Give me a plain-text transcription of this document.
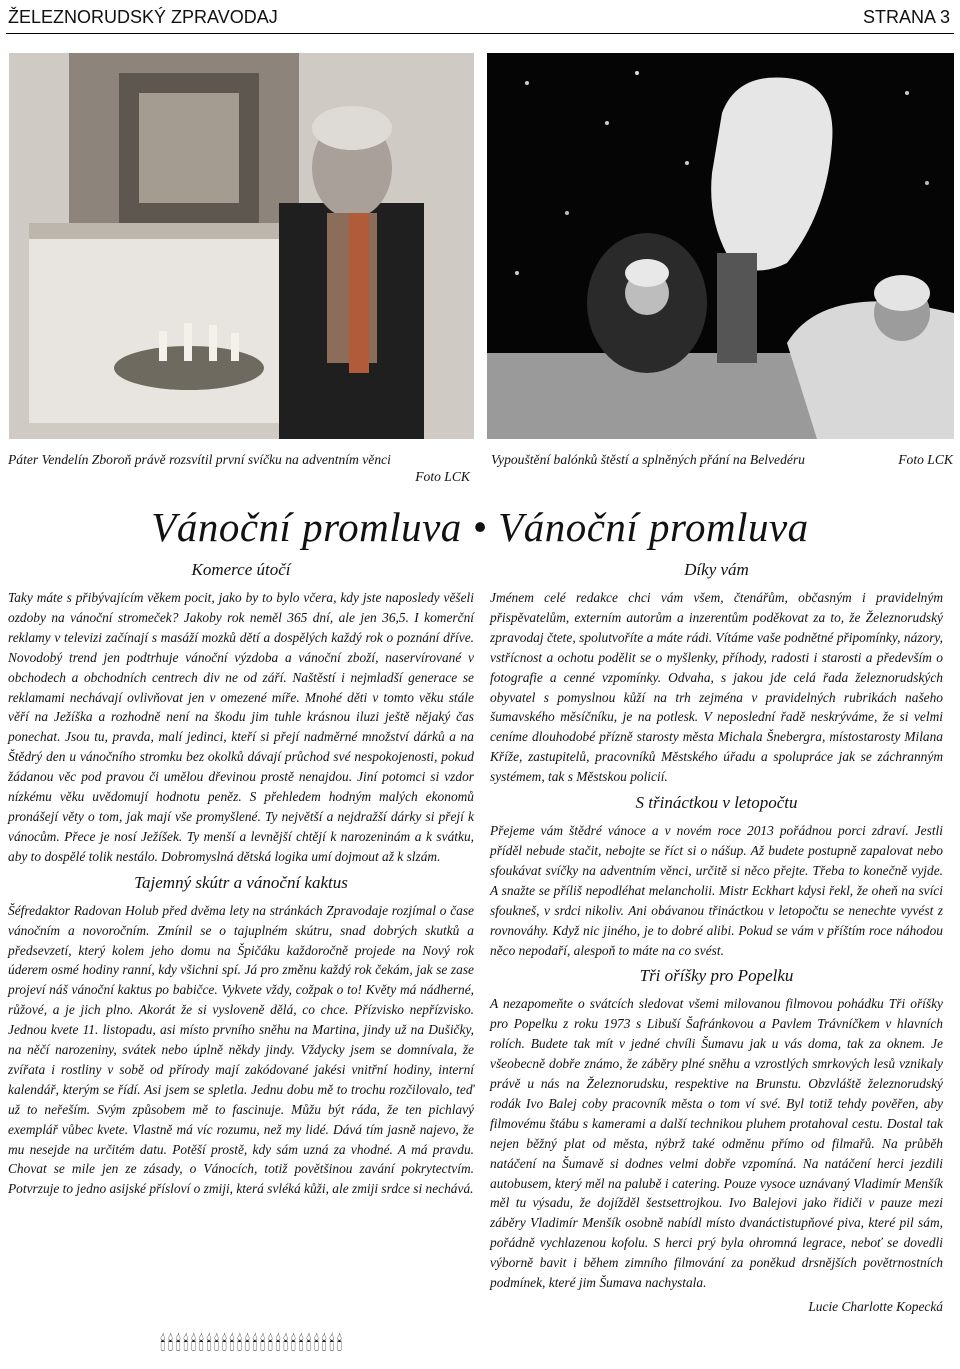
ŽELEZNORUDSKÝ ZPRAVODAJ	STRANA 3
Páter Vendelín Zboroň právě rozsvítil první svíčku na adventním věnci
Foto LCK
Vypouštění balónků štěstí a splněných přání na Belvedéru	Foto LCK
Vánoční promluva • Vánoční promluva
Komerce útočí

Taky máte s přibývajícím věkem pocit, jako by to bylo včera, kdy jste naposledy věšeli ozdoby na vánoční stromeček? Jakoby rok neměl 365 dní, ale jen 36,5. I komerční reklamy v televizi začínají s masáží mozků dětí a dospělých každý rok o poznání dříve. Novodobý trend jen podtrhuje vánoční výzdoba a vánoční zboží, naservírované v obchodech a obchodních centrech div ne od září. Naštěstí i nejmladší generace se reklamami nechávají ovlivňovat jen v omezené míře. Mnohé děti v tomto věku stále věří na Ježíška a rozhodně není na škodu jim tuhle krásnou iluzi ještě nějaký čas ponechat. Jsou tu, pravda, malí jedinci, kteří si přejí nadměrné množství dárků a na Štědrý den u vánočního stromku bez okolků dávají průchod své nespokojenosti, pokud žádanou věc pod pravou či umělou dřevinou prostě nenajdou. Jiní potomci si vzdor nízkému věku uvědomují hodnotu peněz. S přehledem hodným malých ekonomů pronášejí věty o tom, jak mají vše promyšlené. Ty největší a nejdražší dárky si přejí k vánocům. Přece je nosí Ježíšek. Ty menší a levnější chtějí k narozeninám a k svátku, aby to dospělé tolik nestálo. Dobromyslná dětská logika umí dojmout až k slzám.

Tajemný skútr a vánoční kaktus

Šéfredaktor Radovan Holub před dvěma lety na stránkách Zpravodaje rozjímal o čase vánočním a novoročním. Zmínil se o tajuplném skútru, snad dobrých skutků a předsevzetí, který kolem jeho domu na Špičáku každoročně projede na Nový rok úderem osmé hodiny ranní, kdy všichni spí. Já pro změnu každý rok čekám, jak se zase projeví náš vánoční kaktus po babičce. Vykvete vždy, cožpak o to! Květy má nádherné, růžové, a je jich plno. Akorát že si vysloveně dělá, co chce. Přízvisko nepřízvisko. Jednou kvete 11. listopadu, asi místo prvního sněhu na Martina, jindy už na Dušičky, na něčí narozeniny, svátek nebo úplně někdy jindy. Vždycky jsem se domnívala, že zvířata i rostliny v sobě od přírody mají zakódované jakési vnitřní hodiny, interní kalendář, kterým se řídí. Asi jsem se spletla. Jednu dobu mě to trochu rozčilovalo, teď už to neřeším. Svým způsobem mě to fascinuje. Můžu být ráda, že ten pichlavý exemplář vůbec kvete. Vlastně má víc rozumu, než my lidé. Dává tím jasně najevo, že mu nesejde na určitém datu. Potěší prostě, kdy sám uzná za vhodné. A má pravdu. Chovat se mile jen ze zásady, o Vánocích, totiž povětšinou zavání pokrytectvím. Potvrzuje to jedno asijské přísloví o zmiji, která svléká kůži, ale zmiji srdce si nechává.

🕯🕯🕯🕯🕯🕯🕯🕯🕯🕯🕯🕯🕯🕯🕯🕯🕯🕯🕯🕯🕯🕯🕯🕯
Díky vám

Jménem celé redakce chci vám všem, čtenářům, občasným i pravidelným přispěvatelům, externím autorům a inzerentům poděkovat za to, že Železnorudský zpravodaj čtete, spolutvoříte a máte rádi. Vítáme vaše podnětné připomínky, názory, vstřícnost a ochotu podělit se o myšlenky, příhody, radosti i starosti a především o fotografie a cenné vzpomínky. Odvaha, s jakou jde celá řada železnorudských obyvatel s pomyslnou kůží na trh zejména v pravidelných rubrikách našeho šumavského měsíčníku, je na potlesk. V neposlední řadě neskrýváme, že si velmi ceníme dlouhodobé přízně starosty města Michala Šnebergra, místostarosty Milana Kříže, zastupitelů, pracovníků Městského úřadu a spolupráce jak se záchranným systémem, tak s Městskou policií.

S třináctkou v letopočtu

Přejeme vám štědré vánoce a v novém roce 2013 pořádnou porci zdraví. Jestli příděl nebude stačit, nebojte se říct si o nášup. Až budete postupně zapalovat nebo sfoukávat svíčky na adventním věnci, určitě si něco přejte. Třeba to konečně vyjde. A snažte se příliš nepodléhat melancholii. Mistr Eckhart kdysi řekl, že oheň na svíci sfoukneš, v srdci nikoliv. Ani obávanou třináctkou v letopočtu se nenechte vyvést z rovnováhy. Když nic jiného, je to dobré alibi. Pokud se vám v příštím roce náhodou něco nepodaří, alespoň to máte na co svést.

Tři oříšky pro Popelku

A nezapomeňte o svátcích sledovat všemi milovanou filmovou pohádku Tři oříšky pro Popelku z roku 1973 s Libuší Šafránkovou a Pavlem Trávníčkem v hlavních rolích. Budete tak mít v jedné chvíli Šumavu jak u vás doma, tak za oknem. Je všeobecně dobře známo, že záběry plné sněhu a vzrostlých smrkových lesů vznikaly právě u nás na Železnorudsku, respektive na Brunstu. Obzvláště železnorudský rodák Ivo Balej coby pracovník města o tom ví své. Byl totiž tehdy pověřen, aby filmovému štábu s kamerami a další technikou pluhem protahoval cestu. Dostal tak nejen běžný plat od města, nýbrž také odměnu přímo od filmařů. Na průběh natáčení na Šumavě si dodnes velmi dobře vzpomíná. Na natáčení herci jezdili autobusem, který měl na palubě i catering. Pouze vysoce uznávaný Vladimír Menšík měl tu výsadu, že dojížděl šestsettrojkou. Ivo Balejovi jako řidiči v pauze mezi záběry Vladimír Menšík osobně nabídl místo dvanáctistupňové piva, které pil sám, pořádně vychlazenou kofolu. S herci prý byla ohromná legrace, neboť se dovedli výborně bavit i během zimního filmování za poněkud drsnějších povětrnostních podmínek, které jim Šumava nachystala.

Lucie Charlotte Kopecká
